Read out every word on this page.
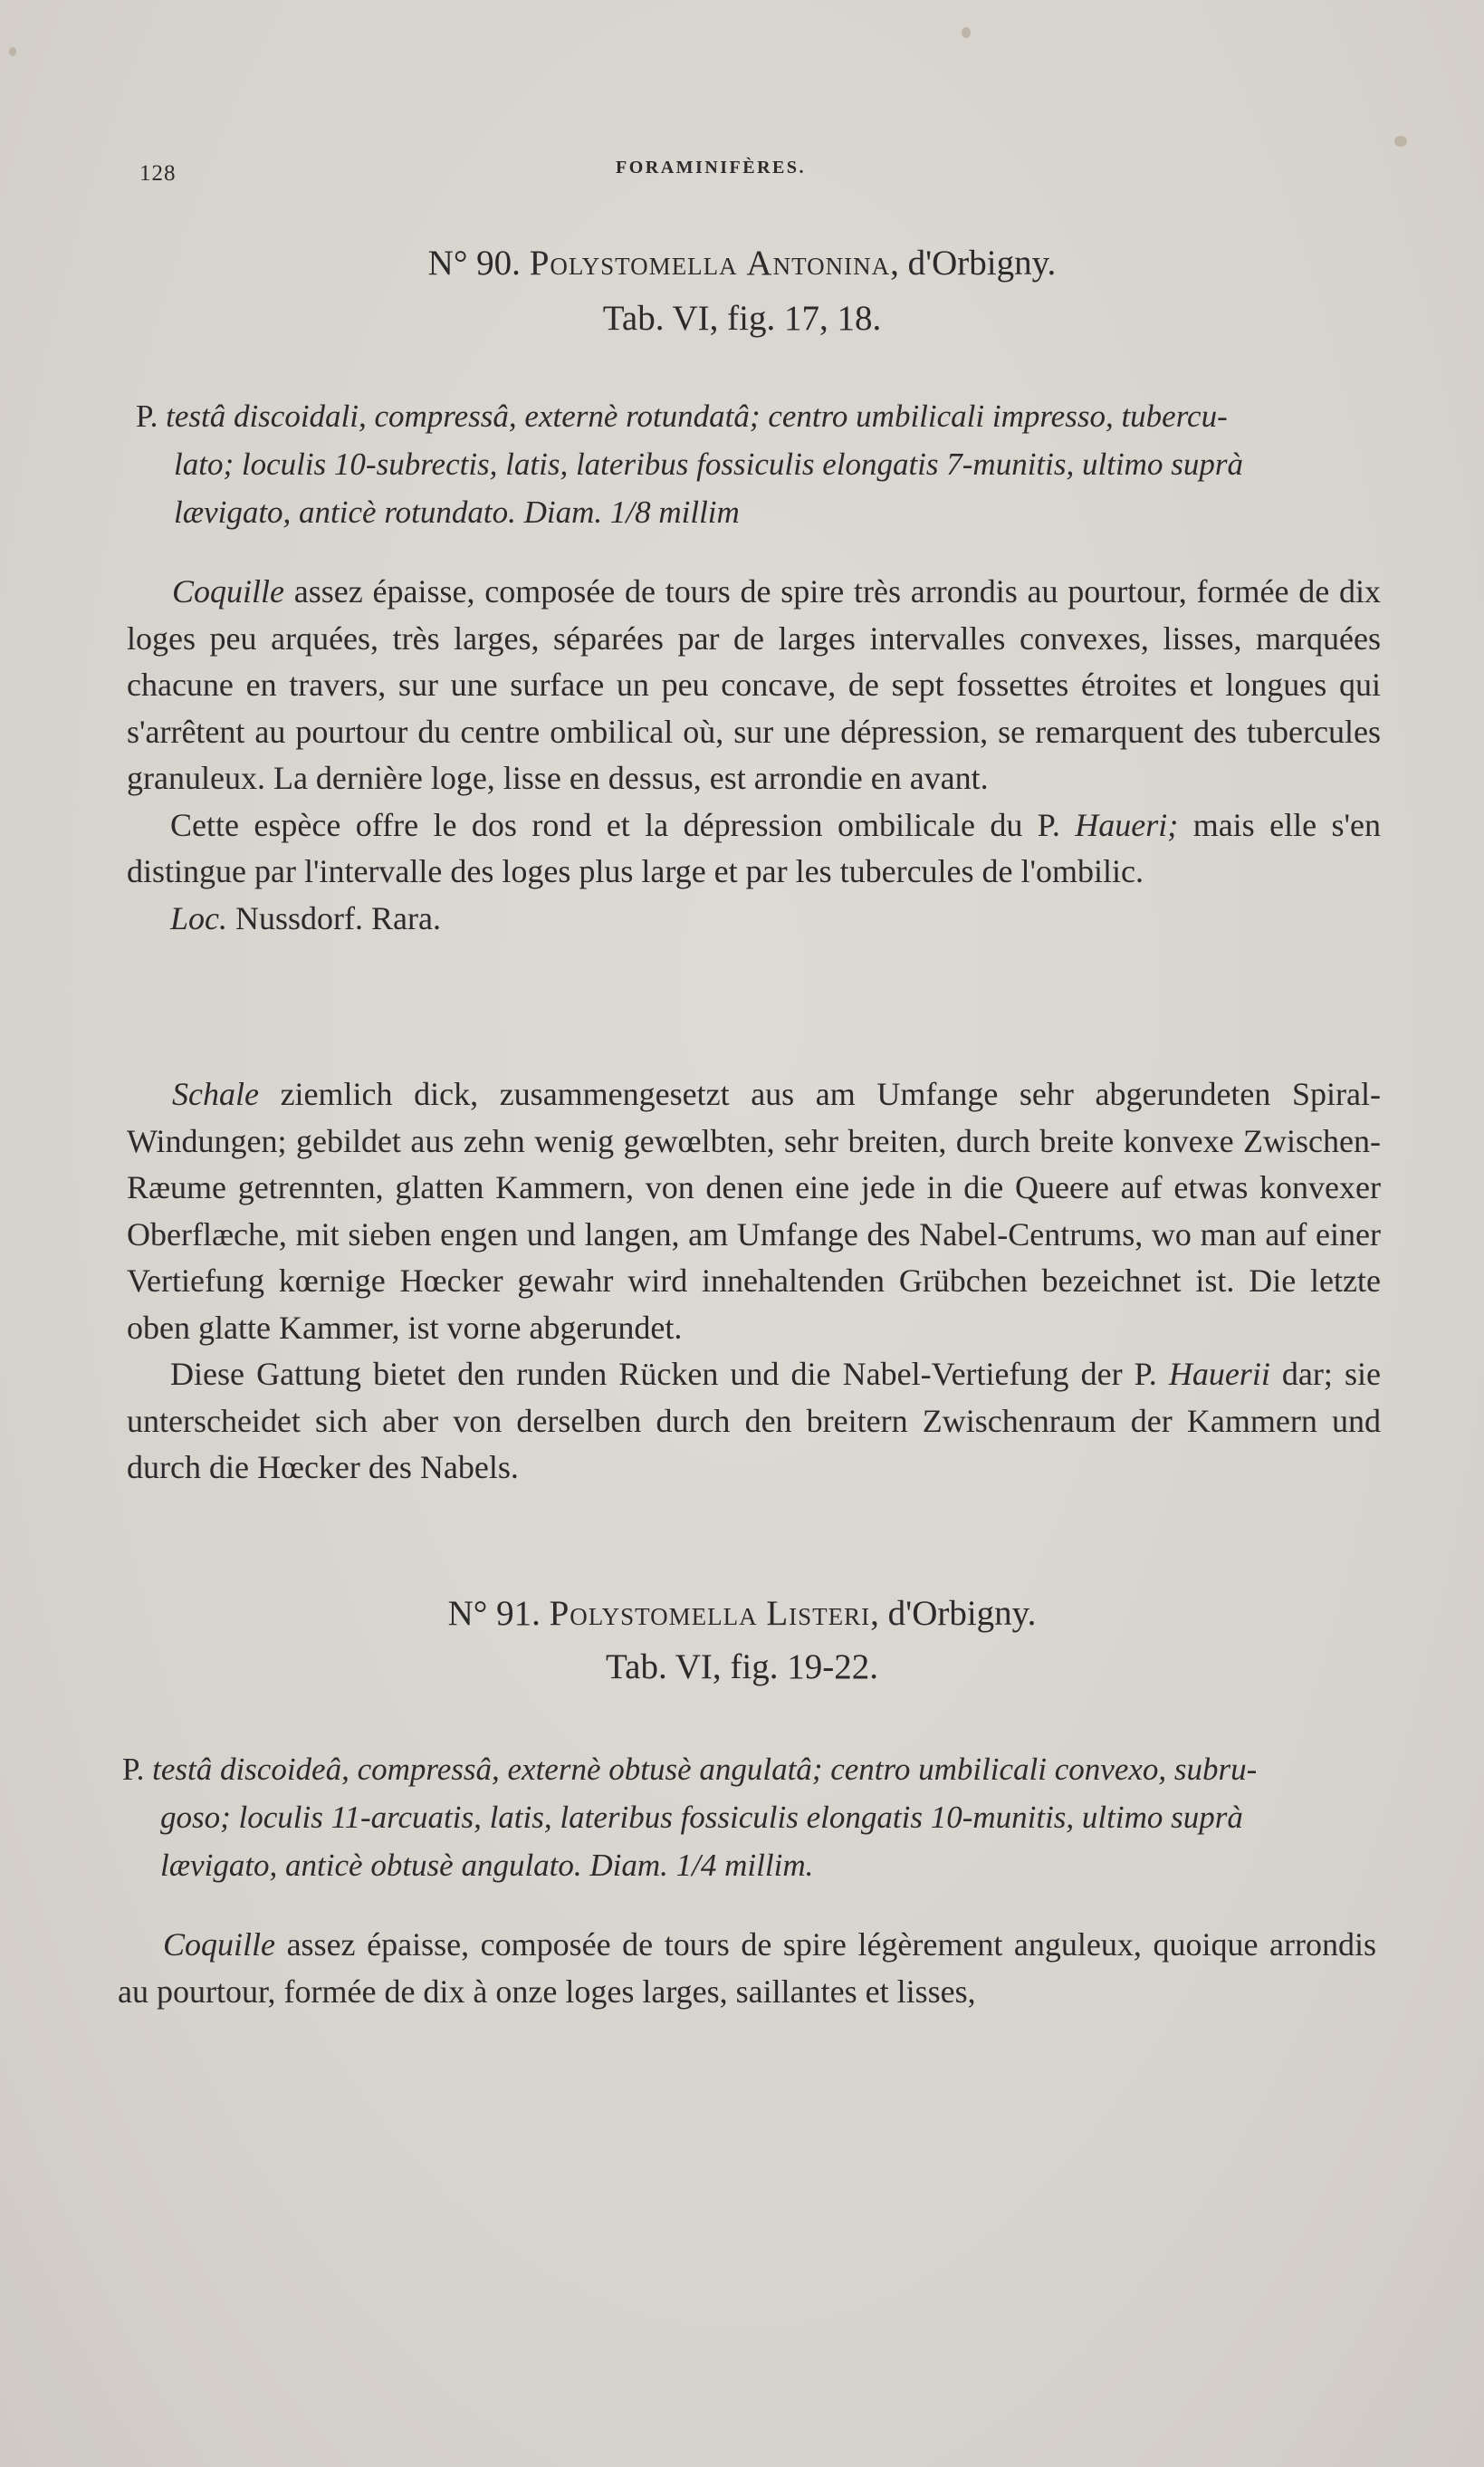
128	FORAMINIFÈRES.
N° 90. Polystomella Antonina, d'Orbigny.
Tab. VI, fig. 17, 18.

P. testâ discoidali, compressâ, externè rotundatâ; centro umbilicali impresso, tubercu-

lato; loculis 10-subrectis, latis, lateribus fossiculis elongatis 7-munitis, ultimo suprà

lævigato, anticè rotundato. Diam. 1/8 millim

Coquille assez épaisse, composée de tours de spire très arrondis au pourtour, formée de dix loges peu arquées, très larges, séparées par de larges intervalles convexes, lisses, marquées chacune en travers, sur une surface un peu concave, de sept fossettes étroites et longues qui s'arrêtent au pourtour du centre ombilical où, sur une dépression, se remarquent des tubercules granuleux. La dernière loge, lisse en dessus, est arrondie en avant.

Cette espèce offre le dos rond et la dépression ombilicale du P. Haueri; mais elle s'en distingue par l'intervalle des loges plus large et par les tubercules de l'ombilic.

Loc. Nussdorf. Rara.

Schale ziemlich dick, zusammengesetzt aus am Umfange sehr abgerundeten Spiral-Windungen; gebildet aus zehn wenig gewœlbten, sehr breiten, durch breite konvexe Zwischen-Ræume getrennten, glatten Kammern, von denen eine jede in die Queere auf etwas konvexer Oberflæche, mit sieben engen und langen, am Umfange des Nabel-Centrums, wo man auf einer Vertiefung kœrnige Hœcker gewahr wird innehaltenden Grübchen bezeichnet ist. Die letzte oben glatte Kammer, ist vorne abgerundet.

Diese Gattung bietet den runden Rücken und die Nabel-Vertiefung der P. Hauerii dar; sie unterscheidet sich aber von derselben durch den breitern Zwischenraum der Kammern und durch die Hœcker des Nabels.

N° 91. Polystomella Listeri, d'Orbigny.
Tab. VI, fig. 19-22.

P. testâ discoideâ, compressâ, externè obtusè angulatâ; centro umbilicali convexo, subru-

goso; loculis 11-arcuatis, latis, lateribus fossiculis elongatis 10-munitis, ultimo suprà

lævigato, anticè obtusè angulato. Diam. 1/4 millim.

Coquille assez épaisse, composée de tours de spire légèrement anguleux, quoique arrondis au pourtour, formée de dix à onze loges larges, saillantes et lisses,
